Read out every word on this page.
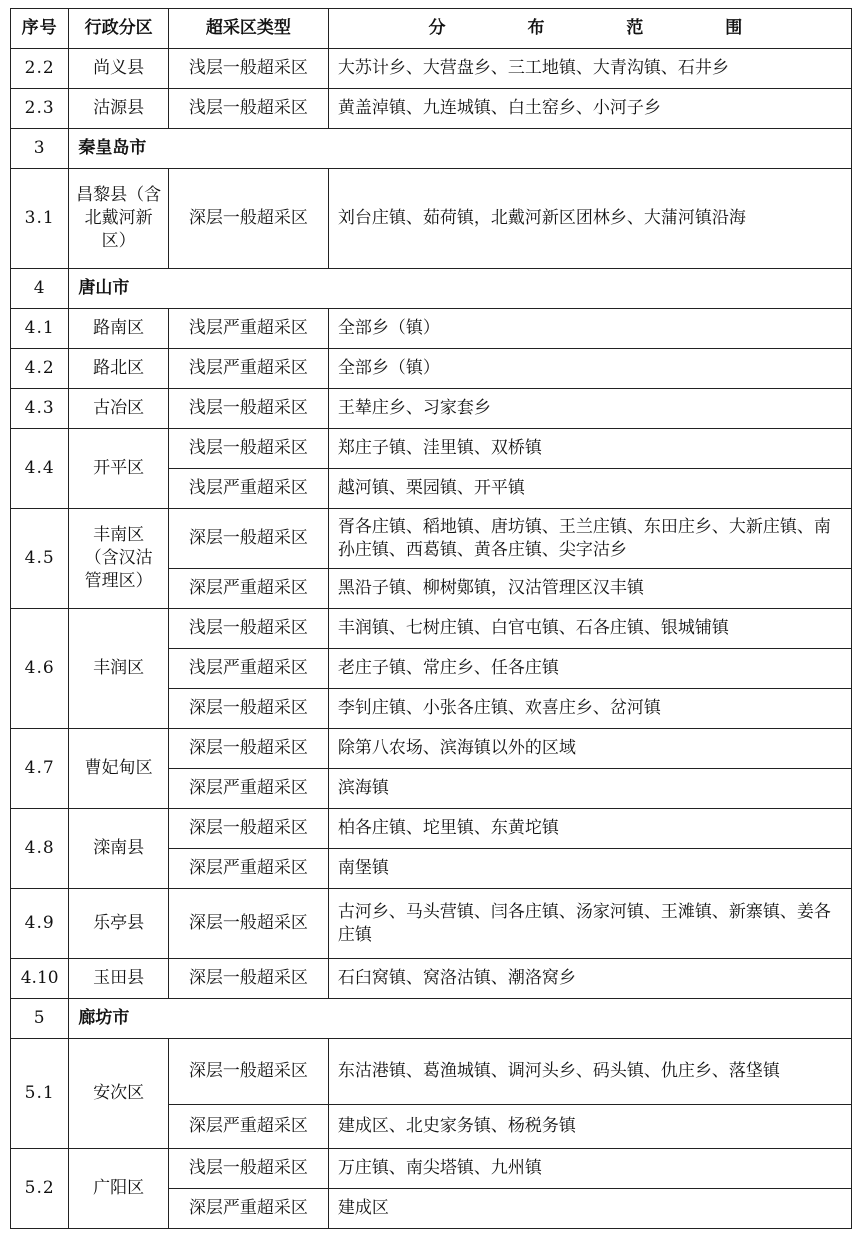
序号	行政分区	超采区类型	分 布 范 围
2.2	尚义县	浅层一般超采区	大苏计乡、大营盘乡、三工地镇、大青沟镇、石井乡
2.3	沽源县	浅层一般超采区	黄盖淖镇、九连城镇、白土窑乡、小河子乡
3	秦皇岛市		
3.1	昌黎县（含北戴河新区）	深层一般超采区	刘台庄镇、茹荷镇，北戴河新区团林乡、大蒲河镇沿海
4	唐山市		
4.1	路南区	浅层严重超采区	全部乡（镇）
4.2	路北区	浅层严重超采区	全部乡（镇）
4.3	古冶区	浅层一般超采区	王辇庄乡、习家套乡
4.4	开平区	浅层一般超采区	郑庄子镇、洼里镇、双桥镇
		浅层严重超采区	越河镇、栗园镇、开平镇
4.5	丰南区（含汉沽管理区）	深层一般超采区	胥各庄镇、稻地镇、唐坊镇、王兰庄镇、东田庄乡、大新庄镇、南孙庄镇、西葛镇、黄各庄镇、尖字沽乡
		深层严重超采区	黑沿子镇、柳树鄚镇，汉沽管理区汉丰镇
4.6	丰润区	浅层一般超采区	丰润镇、七树庄镇、白官屯镇、石各庄镇、银城铺镇
		浅层严重超采区	老庄子镇、常庄乡、任各庄镇
		深层一般超采区	李钊庄镇、小张各庄镇、欢喜庄乡、岔河镇
4.7	曹妃甸区	深层一般超采区	除第八农场、滨海镇以外的区域
		深层严重超采区	滨海镇
4.8	滦南县	深层一般超采区	柏各庄镇、坨里镇、东黄坨镇
		深层严重超采区	南堡镇
4.9	乐亭县	深层一般超采区	古河乡、马头营镇、闫各庄镇、汤家河镇、王滩镇、新寨镇、姜各庄镇
4.10	玉田县	深层一般超采区	石臼窝镇、窝洛沽镇、潮洛窝乡
5	廊坊市		
5.1	安次区	深层一般超采区	东沽港镇、葛渔城镇、调河头乡、码头镇、仇庄乡、落垡镇
		深层严重超采区	建成区、北史家务镇、杨税务镇
5.2	广阳区	浅层一般超采区	万庄镇、南尖塔镇、九州镇
		深层严重超采区	建成区
